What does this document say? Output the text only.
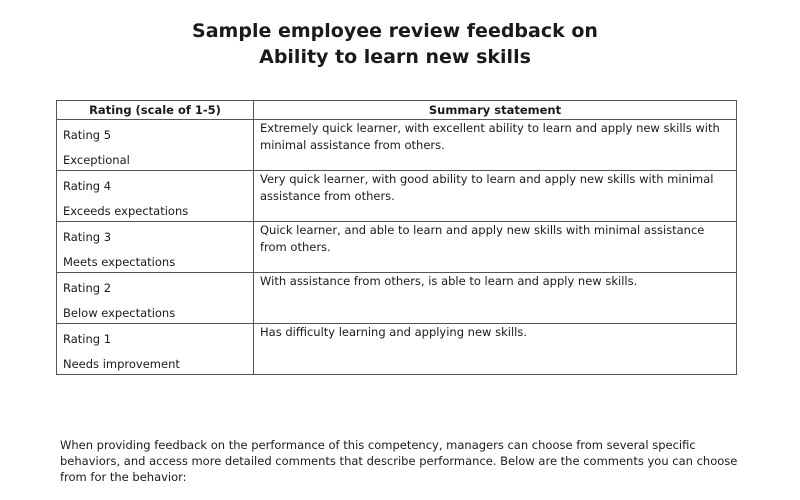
Sample employee review feedback on
Ability to learn new skills
Rating (scale of 1-5)	Summary statement

Rating 5
Exceptional	Extremely quick learner, with excellent ability to learn and apply new skills with minimal assistance from others.

Rating 4
Exceeds expectations	Very quick learner, with good ability to learn and apply new skills with minimal assistance from others.

Rating 3
Meets expectations	Quick learner, and able to learn and apply new skills with minimal assistance from others.

Rating 2
Below expectations	With assistance from others, is able to learn and apply new skills.

Rating 1
Needs improvement	Has difficulty learning and applying new skills.
When providing feedback on the performance of this competency, managers can choose from several specific behaviors, and access more detailed comments that describe performance. Below are the comments you can choose from for the behavior:
